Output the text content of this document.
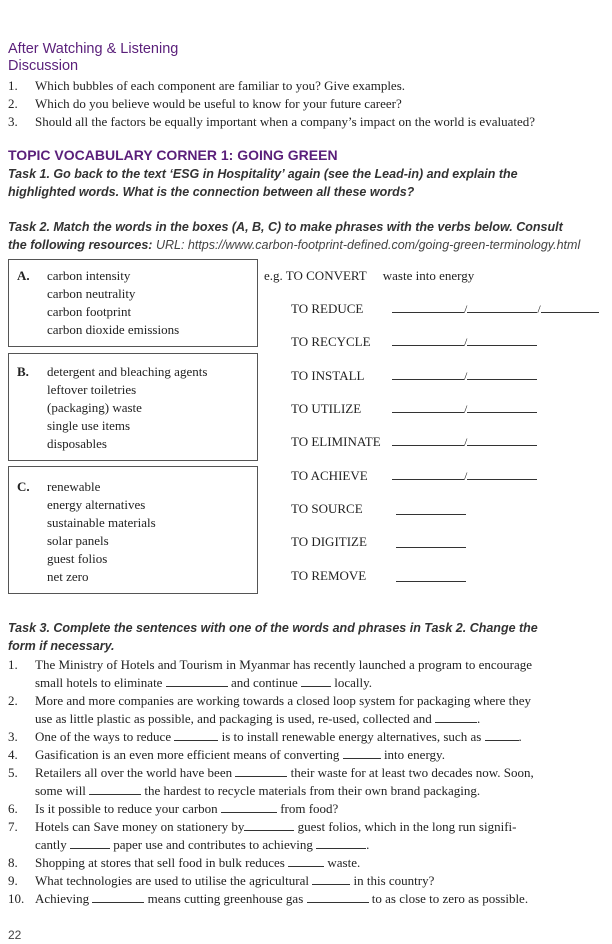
After Watching & Listening
Discussion
1.	Which bubbles of each component are familiar to you? Give examples.
2.	Which do you believe would be useful to know for your future career?
3.	Should all the factors be equally important when a company’s impact on the world is evaluated?
TOPIC VOCABULARY CORNER 1: GOING GREEN
Task 1. Go back to the text ‘ESG in Hospitality’ again (see the Lead-in) and explain the
highlighted words. What is the connection between all these words?
Task 2. Match the words in the boxes (A, B, C) to make phrases with the verbs below. Consult
the following resources: URL: https://www.carbon-footprint-defined.com/going-green-terminology.html
A. carbon intensity
carbon neutrality
carbon footprint
carbon dioxide emissions
B. detergent and bleaching agents
leftover toiletries
(packaging) waste
single use items
disposables
C. renewable
energy alternatives
sustainable materials
solar panels
guest folios
net zero
e.g. TO CONVERT waste into energy
TO REDUCE	/	/
TO RECYCLE	/
TO INSTALL	/
TO UTILIZE	/
TO ELIMINATE	/
TO ACHIEVE	/
TO SOURCE
TO DIGITIZE
TO REMOVE
Task 3. Complete the sentences with one of the words and phrases in Task 2. Change the
form if necessary.
1.	The Ministry of Hotels and Tourism in Myanmar has recently launched a program to encourage
small hotels to eliminate	and continue	locally.
2.	More and more companies are working towards a closed loop system for packaging where they
use as little plastic as possible, and packaging is used, re-used, collected and	.
3.	One of the ways to reduce	is to install renewable energy alternatives, such as	.
4.	Gasification is an even more efficient means of converting	into energy.
5.	Retailers all over the world have been	their waste for at least two decades now. Soon,
some will	the hardest to recycle materials from their own brand packaging.
6.	Is it possible to reduce your carbon	from food?
7.	Hotels can Save money on stationery by	guest folios, which in the long run signifi-
cantly	paper use and contributes to achieving	.
8.	Shopping at stores that sell food in bulk reduces	waste.
9.	What technologies are used to utilise the agricultural	in this country?
10. Achieving	means cutting greenhouse gas	to as close to zero as possible.
22
